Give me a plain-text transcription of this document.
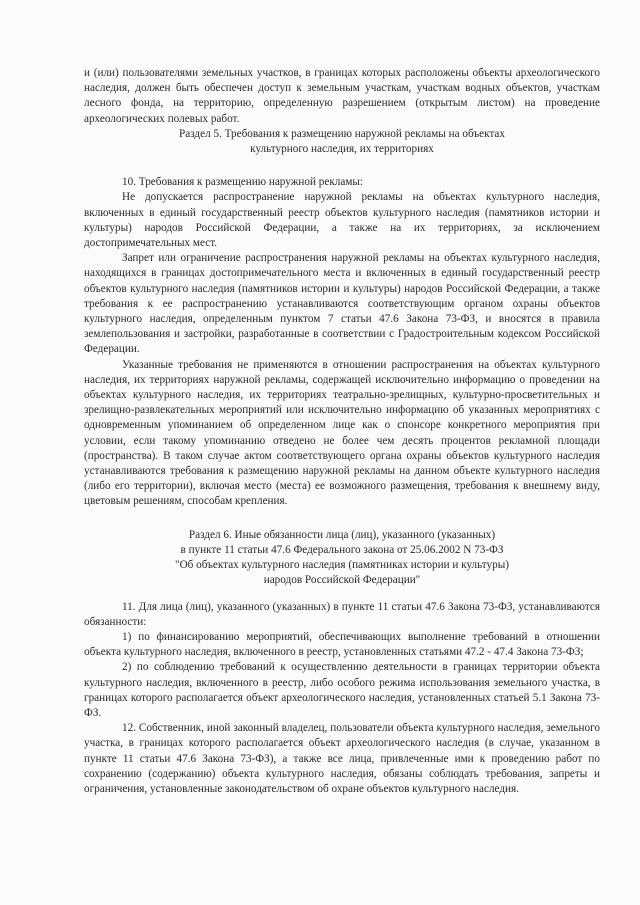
и (или) пользователями земельных участков, в границах которых расположены объекты археологического наследия, должен быть обеспечен доступ к земельным участкам, участкам водных объектов, участкам лесного фонда, на территорию, определенную разрешением (открытым листом) на проведение археологических полевых работ.

Раздел 5. Требования к размещению наружной рекламы на объектах

культурного наследия, их территориях

10. Требования к размещению наружной рекламы:

Не допускается распространение наружной рекламы на объектах культурного наследия, включенных в единый государственный реестр объектов культурного наследия (памятников истории и культуры) народов Российской Федерации, а также на их территориях, за исключением достопримечательных мест.

Запрет или ограничение распространения наружной рекламы на объектах культурного наследия, находящихся в границах достопримечательного места и включенных в единый государственный реестр объектов культурного наследия (памятников истории и культуры) народов Российской Федерации, а также требования к ее распространению устанавливаются соответствующим органом охраны объектов культурного наследия, определенным пунктом 7 статьи 47.6 Закона 73-ФЗ, и вносятся в правила землепользования и застройки, разработанные в соответствии с Градостроительным кодексом Российской Федерации.

Указанные требования не применяются в отношении распространения на объектах культурного наследия, их территориях наружной рекламы, содержащей исключительно информацию о проведении на объектах культурного наследия, их территориях театрально-зрелищных, культурно-просветительных и зрелищно-развлекательных мероприятий или исключительно информацию об указанных мероприятиях с одновременным упоминанием об определенном лице как о спонсоре конкретного мероприятия при условии, если такому упоминанию отведено не более чем десять процентов рекламной площади (пространства). В таком случае актом соответствующего органа охраны объектов культурного наследия устанавливаются требования к размещению наружной рекламы на данном объекте культурного наследия (либо его территории), включая место (места) ее возможного размещения, требования к внешнему виду, цветовым решениям, способам крепления.

Раздел 6. Иные обязанности лица (лиц), указанного (указанных)

в пункте 11 статьи 47.6 Федерального закона от 25.06.2002 N 73-ФЗ

"Об объектах культурного наследия (памятниках истории и культуры)

народов Российской Федерации"

11. Для лица (лиц), указанного (указанных) в пункте 11 статьи 47.6 Закона 73-ФЗ, устанавливаются обязанности:

1) по финансированию мероприятий, обеспечивающих выполнение требований в отношении объекта культурного наследия, включенного в реестр, установленных статьями 47.2 - 47.4 Закона 73-ФЗ;

2) по соблюдению требований к осуществлению деятельности в границах территории объекта культурного наследия, включенного в реестр, либо особого режима использования земельного участка, в границах которого располагается объект археологического наследия, установленных статьей 5.1 Закона 73-ФЗ.

12. Собственник, иной законный владелец, пользователи объекта культурного наследия, земельного участка, в границах которого располагается объект археологического наследия (в случае, указанном в пункте 11 статьи 47.6 Закона 73-ФЗ), а также все лица, привлеченные ими к проведению работ по сохранению (содержанию) объекта культурного наследия, обязаны соблюдать требования, запреты и ограничения, установленные законодательством об охране объектов культурного наследия.
